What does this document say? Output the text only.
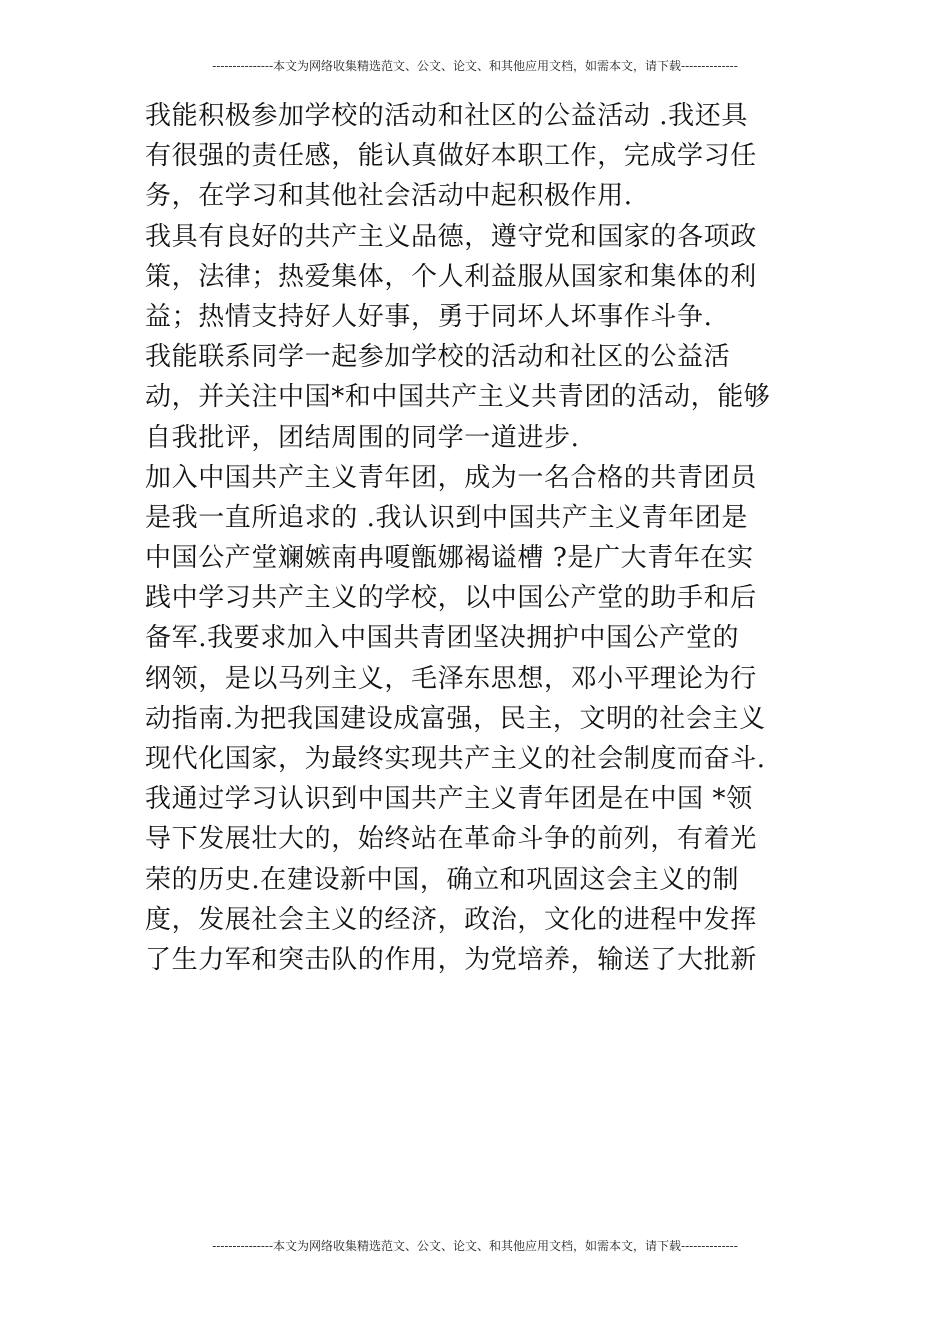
---------------本文为网络收集精选范文、公文、论文、和其他应用文档，如需本文，请下载--------------
我能积极参加学校的活动和社区的公益活动 .我还具
有很强的责任感，能认真做好本职工作，完成学习任
务，在学习和其他社会活动中起积极作用.
我具有良好的共产主义品德，遵守党和国家的各项政
策，法律；热爱集体，个人利益服从国家和集体的利
益；热情支持好人好事，勇于同坏人坏事作斗争.
我能联系同学一起参加学校的活动和社区的公益活
动，并关注中国*和中国共产主义共青团的活动，能够
自我批评，团结周围的同学一道进步.
加入中国共产主义青年团，成为一名合格的共青团员
是我一直所追求的 .我认识到中国共产主义青年团是
中国公产堂斓嫉南冉嗄甑娜褐谥槽 ?是广大青年在实
践中学习共产主义的学校，以中国公产堂的助手和后
备军.我要求加入中国共青团坚决拥护中国公产堂的
纲领，是以马列主义，毛泽东思想，邓小平理论为行
动指南.为把我国建设成富强，民主，文明的社会主义
现代化国家，为最终实现共产主义的社会制度而奋斗.
我通过学习认识到中国共产主义青年团是在中国 *领
导下发展壮大的，始终站在革命斗争的前列，有着光
荣的历史.在建设新中国，确立和巩固这会主义的制
度，发展社会主义的经济，政治，文化的进程中发挥
了生力军和突击队的作用，为党培养，输送了大批新
---------------本文为网络收集精选范文、公文、论文、和其他应用文档，如需本文，请下载--------------
